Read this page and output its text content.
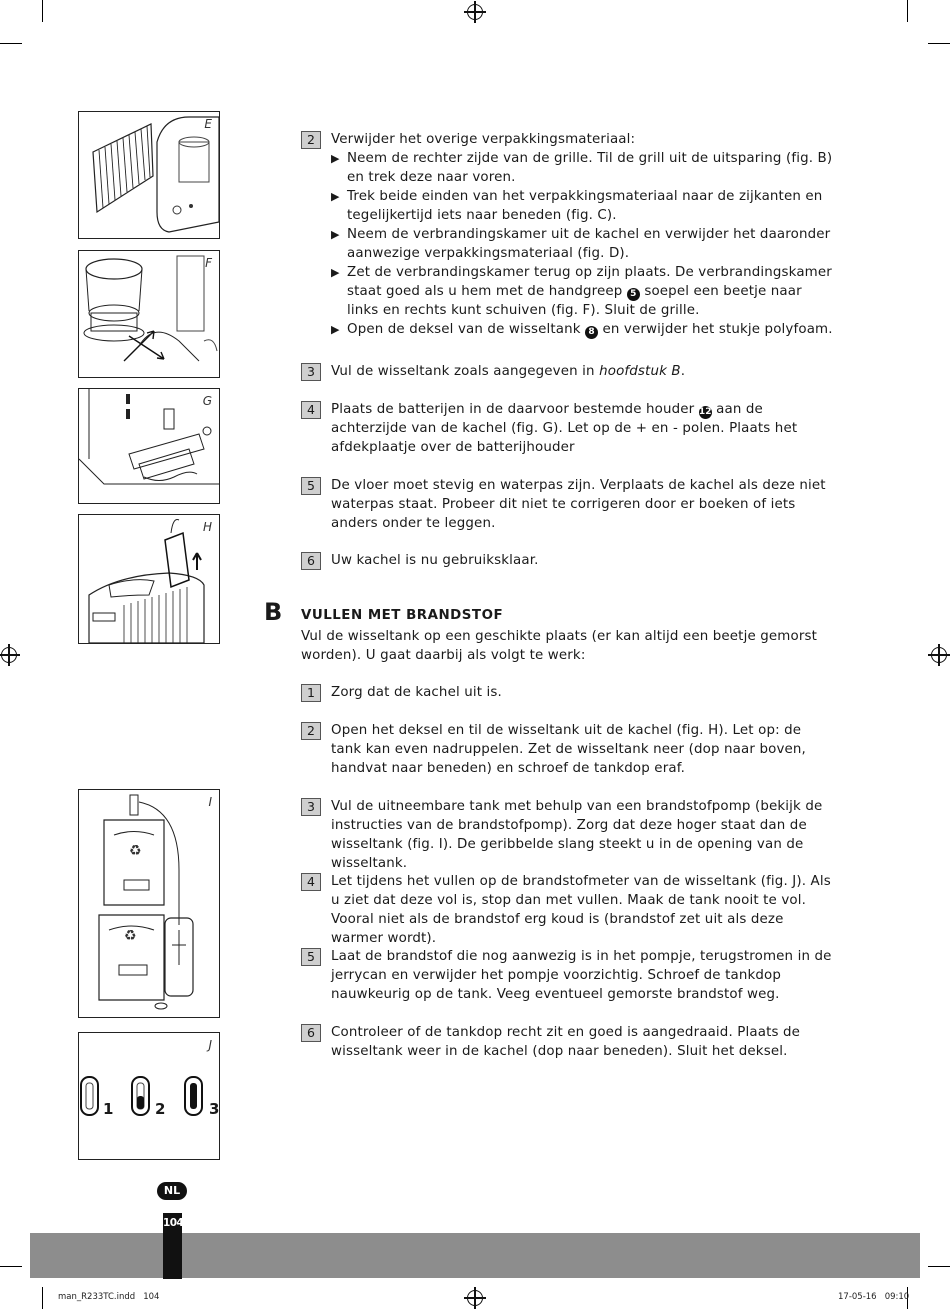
E
F
G
H
♻
♻
I
J
1	2	3
2	Verwijder het overige verpakkingsmateriaal:
▶ Neem de rechter zijde van de grille. Til de grill uit de uitsparing (fig. B) en trek deze naar voren.
▶ Trek beide einden van het verpakkingsmateriaal naar de zijkanten en tegelijkertijd iets naar beneden (fig. C).
▶ Neem de verbrandingskamer uit de kachel en verwijder het daaronder aanwezige verpakkingsmateriaal (fig. D).
▶ Zet de verbrandingskamer terug op zijn plaats. De verbrandingskamer staat goed als u hem met de handgreep 5 soepel een beetje naar links en rechts kunt schuiven (fig. F). Sluit de grille.
▶ Open de deksel van de wisseltank 8 en verwijder het stukje polyfoam.
3	Vul de wisseltank zoals aangegeven in hoofdstuk B.
4	Plaats de batterijen in de daarvoor bestemde houder 12 aan de achterzijde van de kachel (fig. G). Let op de + en - polen. Plaats het afdekplaatje over de batterijhouder
5	De vloer moet stevig en waterpas zijn. Verplaats de kachel als deze niet waterpas staat. Probeer dit niet te corrigeren door er boeken of iets anders onder te leggen.
6	Uw kachel is nu gebruiksklaar.
B VULLEN MET BRANDSTOF
Vul de wisseltank op een geschikte plaats (er kan altijd een beetje gemorst worden). U gaat daarbij als volgt te werk:
1	Zorg dat de kachel uit is.
2	Open het deksel en til de wisseltank uit de kachel (fig. H). Let op: de tank kan even nadruppelen. Zet de wisseltank neer (dop naar boven, handvat naar beneden) en schroef de tankdop eraf.
3	Vul de uitneembare tank met behulp van een brandstofpomp (bekijk de instructies van de brandstofpomp). Zorg dat deze hoger staat dan de wisseltank (fig. I). De geribbelde slang steekt u in de opening van de wisseltank.
4	Let tijdens het vullen op de brandstofmeter van de wisseltank (fig. J). Als u ziet dat deze vol is, stop dan met vullen. Maak de tank nooit te vol. Vooral niet als de brandstof erg koud is (brandstof zet uit als deze warmer wordt).
5	Laat de brandstof die nog aanwezig is in het pompje, terugstromen in de jerrycan en verwijder het pompje voorzichtig. Schroef de tankdop nauwkeurig op de tank. Veeg eventueel gemorste brandstof weg.
6	Controleer of de tankdop recht zit en goed is aangedraaid. Plaats de wisseltank weer in de kachel (dop naar beneden). Sluit het deksel.
NL
104
man_R233TC.indd   104	17-05-16   09:10
